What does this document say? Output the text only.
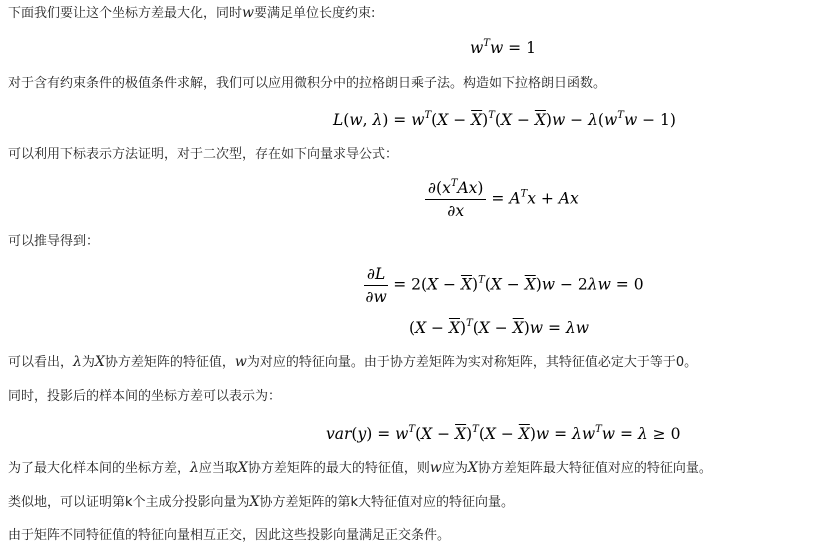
下面我们要让这个坐标方差最大化，同时w要满足单位长度约束:
$w^Tw = 1$
对于含有约束条件的极值条件求解，我们可以应用微积分中的拉格朗日乘子法。构造如下拉格朗日函数。
L(w, $\lambda) = w^T(X - \overline{X})^T(X - \overline{X})w - \lambda(w^Tw - 1)$
可以利用下标表示方法证明，对于二次型，存在如下向量求导公式：
$\frac{\partial(x^TAx)}{\partial x} = A^Tx + Ax$
可以推导得到：
$\frac{\partial L}{\partial w} = 2(X - \overline{X})^T(X - \overline{X})w - 2\lambda w = 0$
$(X - \overline{X})^T(X - \overline{X})w = \lambda w$
可以看出，λ为X协方差矩阵的特征值，w为对应的特征向量。由于协方差矩阵为实对称矩阵，其特征值必定大于等于0。
同时，投影后的样本间的坐标方差可以表示为：
$var(y) = w^T(X - \overline{X})^T(X - \overline{X})w = \lambda w^Tw = \lambda \ge 0$
为了最大化样本间的坐标方差，λ应当取X协方差矩阵的最大的特征值，则w应为X协方差矩阵最大特征值对应的特征向量。
类似地，可以证明第k个主成分投影向量为X协方差矩阵的第k大特征值对应的特征向量。
由于矩阵不同特征值的特征向量相互正交，因此这些投影向量满足正交条件。
